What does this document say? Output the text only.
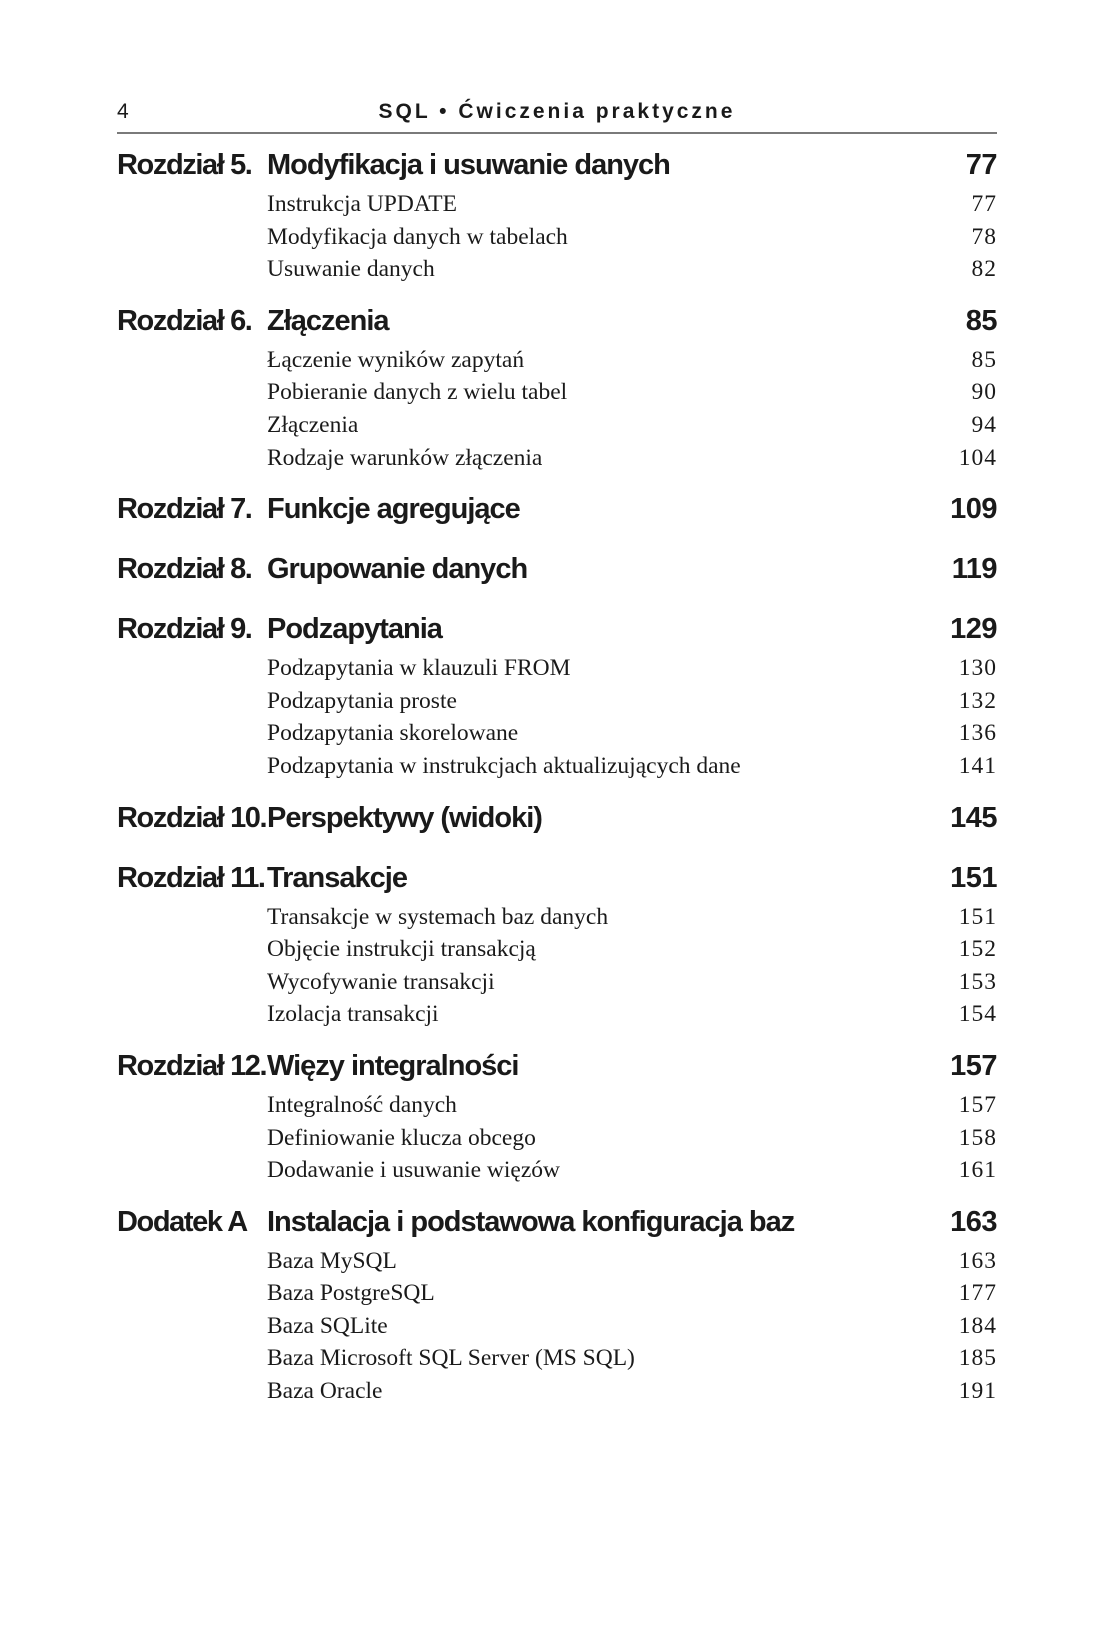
4	SQL • Ćwiczenia praktyczne
Rozdział 5. Modyfikacja i usuwanie danych	77
Instrukcja UPDATE	77
Modyfikacja danych w tabelach	78
Usuwanie danych	82
Rozdział 6. Złączenia	85
Łączenie wyników zapytań	85
Pobieranie danych z wielu tabel	90
Złączenia	94
Rodzaje warunków złączenia	104
Rozdział 7. Funkcje agregujące	109
Rozdział 8. Grupowanie danych	119
Rozdział 9. Podzapytania	129
Podzapytania w klauzuli FROM	130
Podzapytania proste	132
Podzapytania skorelowane	136
Podzapytania w instrukcjach aktualizujących dane	141
Rozdział 10. Perspektywy (widoki)	145
Rozdział 11. Transakcje	151
Transakcje w systemach baz danych	151
Objęcie instrukcji transakcją	152
Wycofywanie transakcji	153
Izolacja transakcji	154
Rozdział 12. Więzy integralności	157
Integralność danych	157
Definiowanie klucza obcego	158
Dodawanie i usuwanie więzów	161
Dodatek A Instalacja i podstawowa konfiguracja baz	163
Baza MySQL	163
Baza PostgreSQL	177
Baza SQLite	184
Baza Microsoft SQL Server (MS SQL)	185
Baza Oracle	191
